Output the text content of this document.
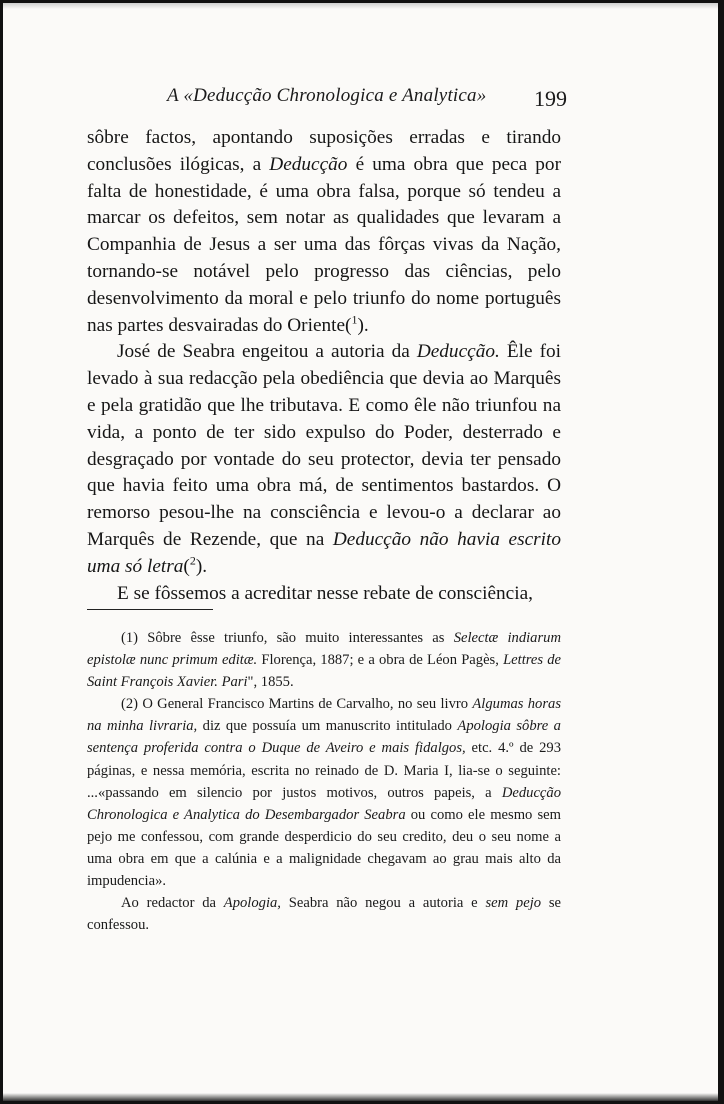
A «Deducção Chronologica e Analytica» 199

sôbre factos, apontando suposições erradas e tirando conclusões ilógicas, a Deducção é uma obra que peca por falta de honestidade, é uma obra falsa, porque só tendeu a marcar os defeitos, sem notar as qualidades que levaram a Companhia de Jesus a ser uma das fôrças vivas da Nação, tornando-se notável pelo progresso das ciências, pelo desenvolvimento da moral e pelo triunfo do nome português nas partes desvairadas do Oriente($^1$).

José de Seabra engeitou a autoria da Deducção. Êle foi levado à sua redacção pela obediência que devia ao Marquês e pela gratidão que lhe tributava. E como êle não triunfou na vida, a ponto de ter sido expulso do Poder, desterrado e desgraçado por vontade do seu protector, devia ter pensado que havia feito uma obra má, de sentimentos bastardos. O remorso pesou-lhe na consciência e levou-o a declarar ao Marquês de Rezende, que na Deducção não havia escrito uma só letra($^2$).

E se fôssemos a acreditar nesse rebate de consciência,

(1) Sôbre êsse triunfo, são muito interessantes as Selectæ indiarum epistolæ nunc primum editæ. Florença, 1887; e a obra de Léon Pagès, Lettres de Saint François Xavier. Pari", 1855.

(2) O General Francisco Martins de Carvalho, no seu livro Algumas horas na minha livraria, diz que possuía um manuscrito intitulado Apologia sôbre a sentença proferida contra o Duque de Aveiro e mais fidalgos, etc. 4.º de 293 páginas, e nessa memória, escrita no reinado de D. Maria I, lia-se o seguinte: ...«passando em silencio por justos motivos, outros papeis, a Deducção Chronologica e Analytica do Desembargador Seabra ou como ele mesmo sem pejo me confessou, com grande desperdicio do seu credito, deu o seu nome a uma obra em que a calúnia e a malignidade chegavam ao grau mais alto da impudencia».

Ao redactor da Apologia, Seabra não negou a autoria e sem pejo se confessou.
